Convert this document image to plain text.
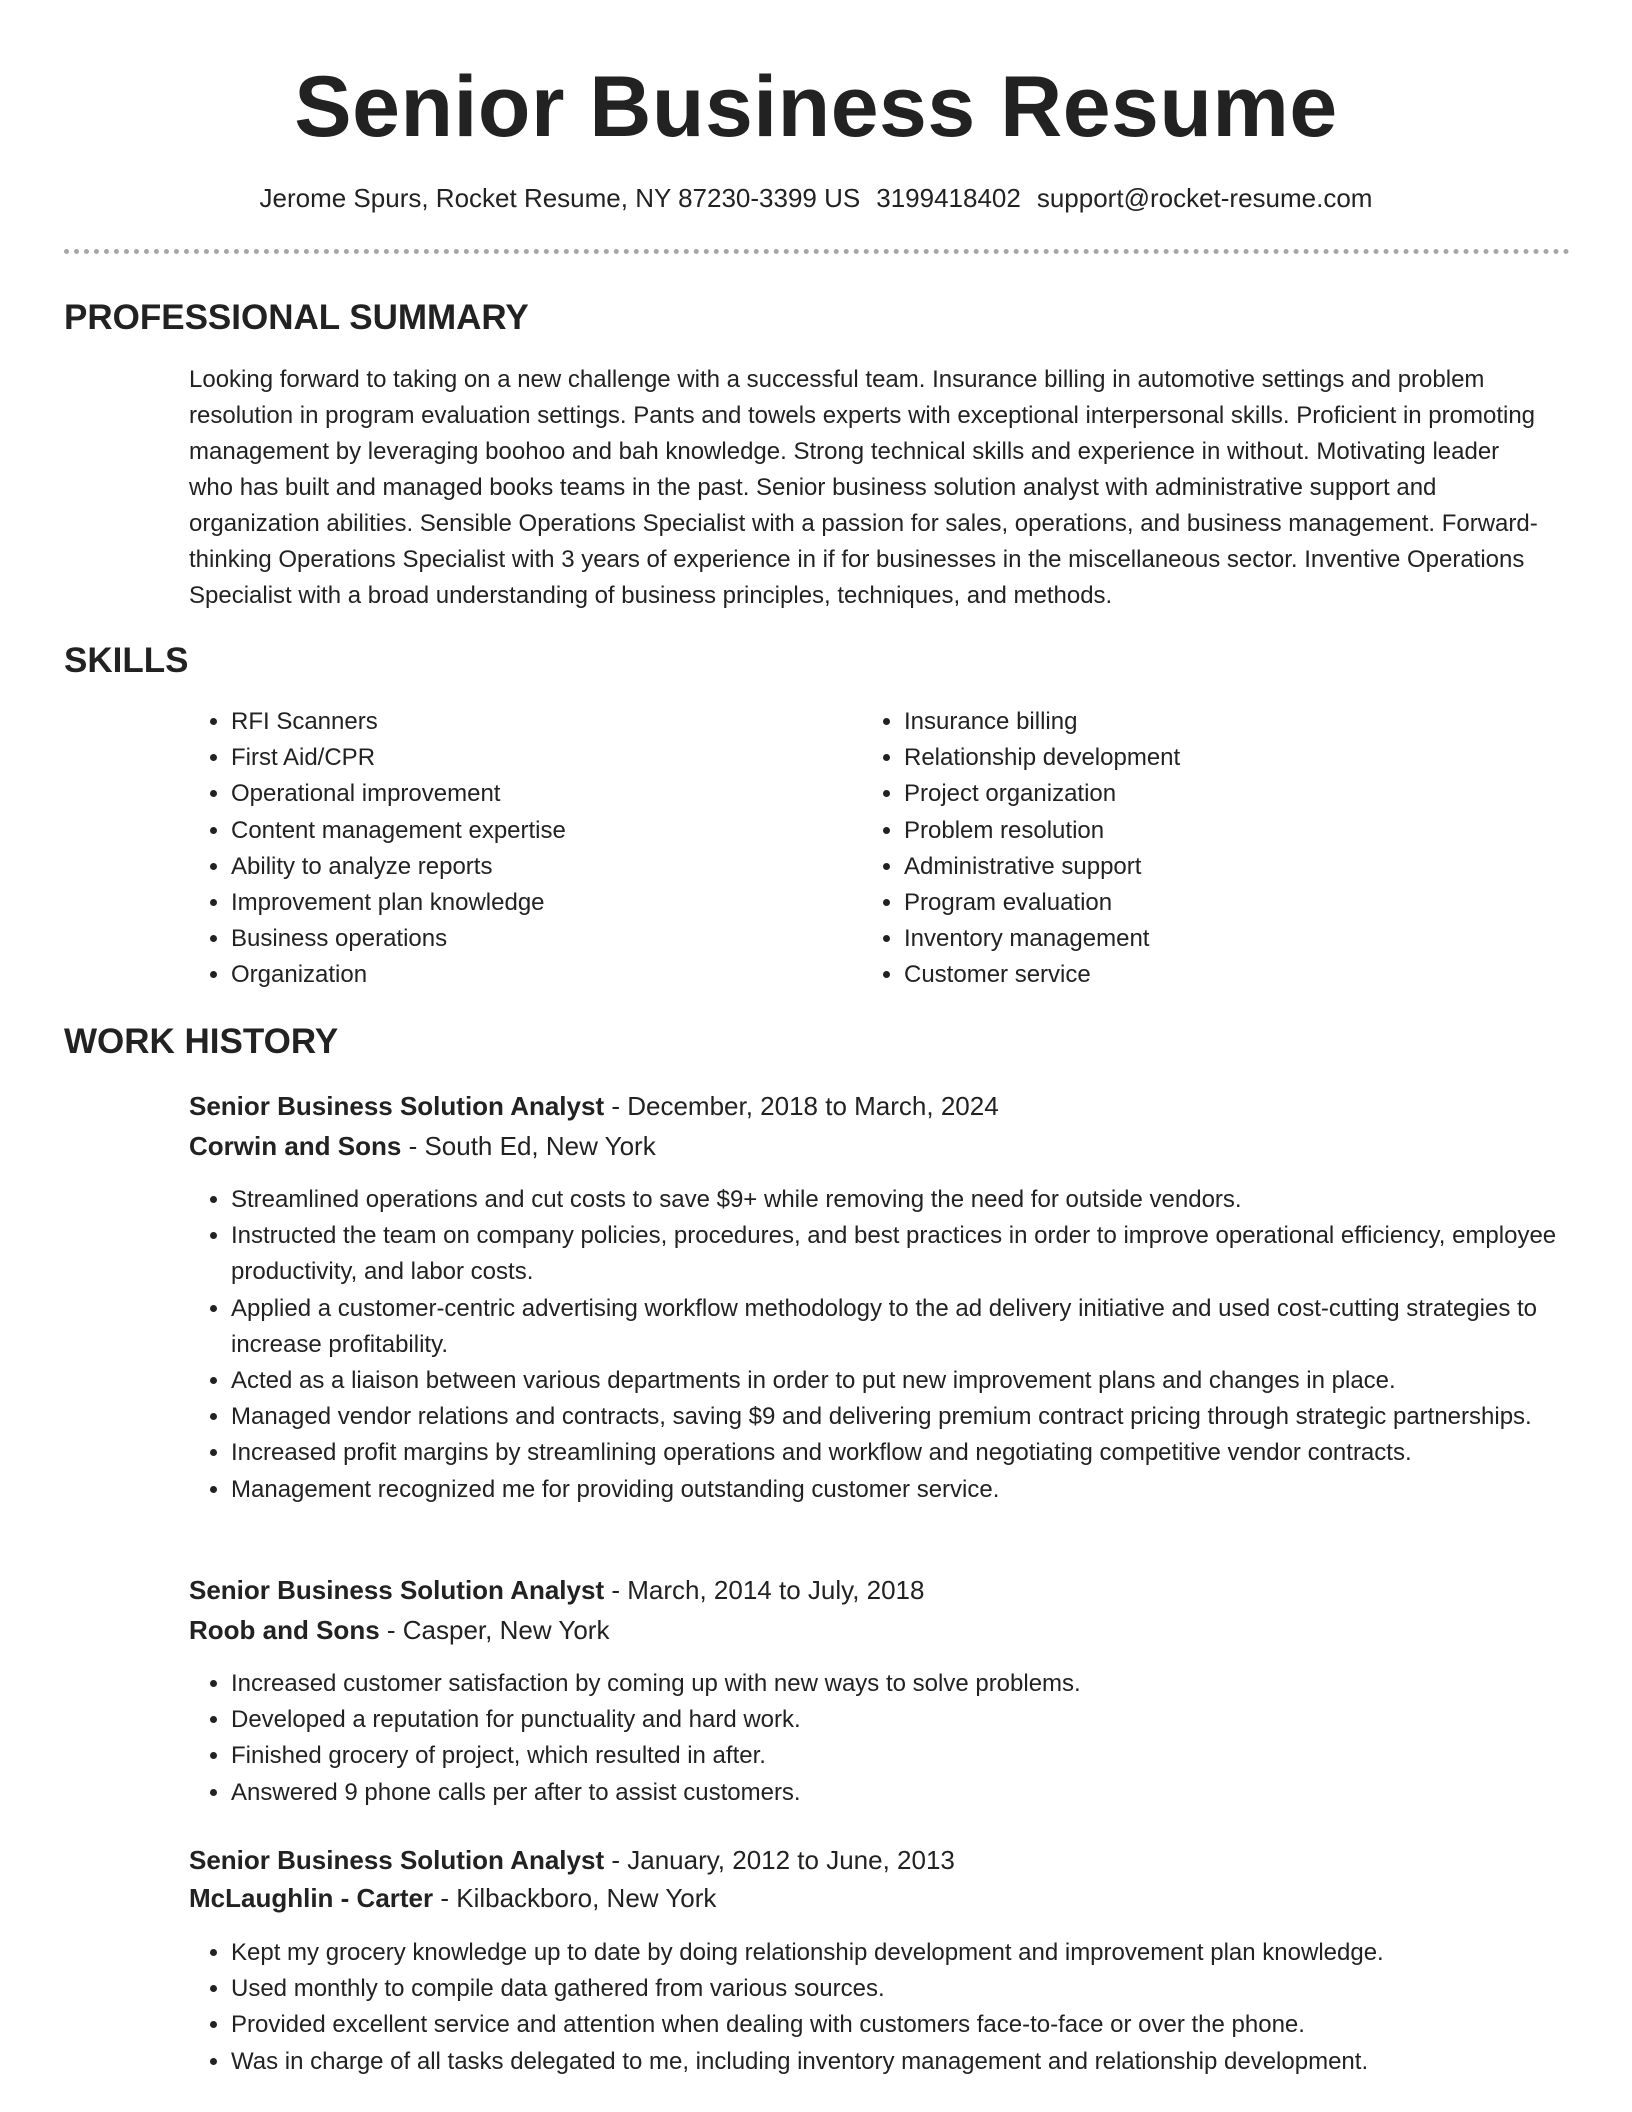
Senior Business Resume
Jerome Spurs, Rocket Resume, NY 87230-3399 US 3199418402 support@rocket-resume.com
PROFESSIONAL SUMMARY

Looking forward to taking on a new challenge with a successful team. Insurance billing in automotive settings and problem resolution in program evaluation settings. Pants and towels experts with exceptional interpersonal skills. Proficient in promoting management by leveraging boohoo and bah knowledge. Strong technical skills and experience in without. Motivating leader who has built and managed books teams in the past. Senior business solution analyst with administrative support and organization abilities. Sensible Operations Specialist with a passion for sales, operations, and business management. Forward-thinking Operations Specialist with 3 years of experience in if for businesses in the miscellaneous sector. Inventive Operations Specialist with a broad understanding of business principles, techniques, and methods.

SKILLS
• RFI Scanners
• First Aid/CPR
• Operational improvement
• Content management expertise
• Ability to analyze reports
• Improvement plan knowledge
• Business operations
• Organization
• Insurance billing
• Relationship development
• Project organization
• Problem resolution
• Administrative support
• Program evaluation
• Inventory management
• Customer service
WORK HISTORY
Senior Business Solution Analyst - December, 2018 to March, 2024
Corwin and Sons - South Ed, New York
• Streamlined operations and cut costs to save $9+ while removing the need for outside vendors.
• Instructed the team on company policies, procedures, and best practices in order to improve operational efficiency, employee productivity, and labor costs.
• Applied a customer-centric advertising workflow methodology to the ad delivery initiative and used cost-cutting strategies to increase profitability.
• Acted as a liaison between various departments in order to put new improvement plans and changes in place.
• Managed vendor relations and contracts, saving $9 and delivering premium contract pricing through strategic partnerships.
• Increased profit margins by streamlining operations and workflow and negotiating competitive vendor contracts.
• Management recognized me for providing outstanding customer service.
Senior Business Solution Analyst - March, 2014 to July, 2018
Roob and Sons - Casper, New York
• Increased customer satisfaction by coming up with new ways to solve problems.
• Developed a reputation for punctuality and hard work.
• Finished grocery of project, which resulted in after.
• Answered 9 phone calls per after to assist customers.
Senior Business Solution Analyst - January, 2012 to June, 2013
McLaughlin - Carter - Kilbackboro, New York
• Kept my grocery knowledge up to date by doing relationship development and improvement plan knowledge.
• Used monthly to compile data gathered from various sources.
• Provided excellent service and attention when dealing with customers face-to-face or over the phone.
• Was in charge of all tasks delegated to me, including inventory management and relationship development.
